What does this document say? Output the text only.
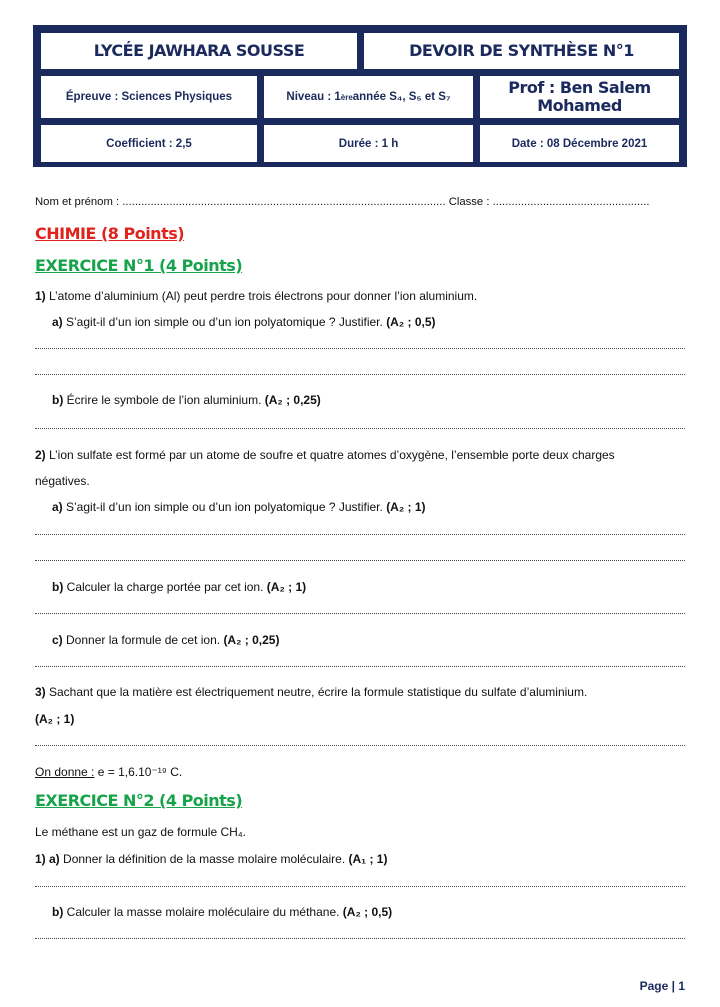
LYCÉE JAWHARA SOUSSE	DEVOIR DE SYNTHÈSE N°1
Épreuve : Sciences Physiques	Niveau : 1 ère année S₄, S₅ et S₇	Prof : Ben Salem Mohamed
Coefficient : 2,5	Durée : 1 h	Date : 08 Décembre 2021
Nom et prénom : ....................................................................................................... Classe : ..................................................
CHIMIE (8 Points)
EXERCICE N°1 (4 Points)
1) L’atome d’aluminium (Al) peut perdre trois électrons pour donner l’ion aluminium.
a) S’agit-il d’un ion simple ou d’un ion polyatomique ? Justifier. (A₂ ; 0,5)
b) Écrire le symbole de l’ion aluminium. (A₂ ; 0,25)
2) L’ion sulfate est formé par un atome de soufre et quatre atomes d’oxygène, l’ensemble porte deux charges
négatives.
a) S’agit-il d’un ion simple ou d’un ion polyatomique ? Justifier. (A₂ ; 1)
b) Calculer la charge portée par cet ion. (A₂ ; 1)
c) Donner la formule de cet ion. (A₂ ; 0,25)
3) Sachant que la matière est électriquement neutre, écrire la formule statistique du sulfate d’aluminium.
(A₂ ; 1)
On donne : e = 1,6.10⁻¹⁹ C.
EXERCICE N°2 (4 Points)
Le méthane est un gaz de formule CH₄.
1) a) Donner la définition de la masse molaire moléculaire. (A₁ ; 1)
b) Calculer la masse molaire moléculaire du méthane. (A₂ ; 0,5)
Page | 1
